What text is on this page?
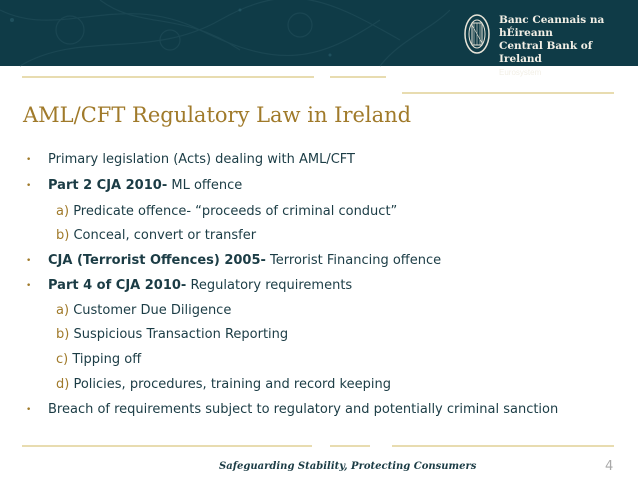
Banc Ceannais na hÉireann
Central Bank of Ireland
Eurosystem
AML/CFT Regulatory Law in Ireland
• Primary legislation (Acts) dealing with AML/CFT
• Part 2 CJA 2010- ML offence
a) Predicate offence- “proceeds of criminal conduct”
b) Conceal, convert or transfer
• CJA (Terrorist Offences) 2005- Terrorist Financing offence
• Part 4 of CJA 2010- Regulatory requirements
a) Customer Due Diligence
b) Suspicious Transaction Reporting
c) Tipping off
d) Policies, procedures, training and record keeping
• Breach of requirements subject to regulatory and potentially criminal sanction
Safeguarding Stability, Protecting Consumers	4
